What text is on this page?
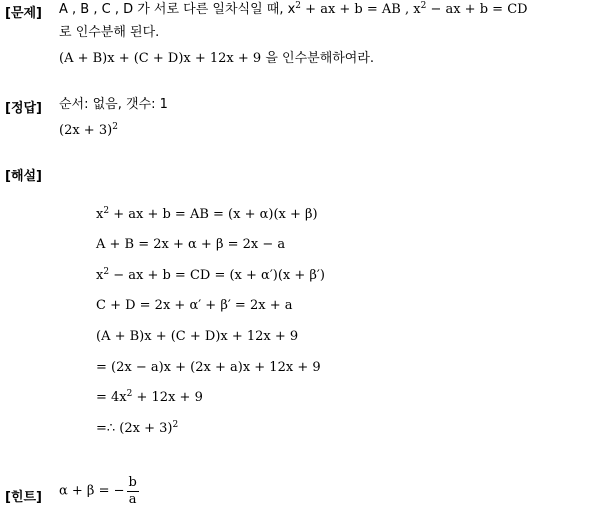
[문제] A , B , C , D 가 서로 다른 일차식일 때, $x^2$ + ax + b = AB , $x^2$ − ax + b = CD
로 인수분해 된다.
(A + B)x + (C + D)x + 12x + 9 을 인수분해하여라.
[정답] 순서: 없음, 갯수: 1
$(2x + 3)^2$
[해설]
$x^2$ + ax + b = AB = (x + α)(x + β)
A + B = 2x + α + β = 2x − a
$x^2$ − ax + b = CD = (x + α′)(x + β′)
C + D = 2x + α′ + β′ = 2x + a
(A + B)x + (C + D)x + 12x + 9
= (2x − a)x + (2x + a)x + 12x + 9
= $4x^2 + 12x + 9$
=∴ $(2x + 3)^2$
[힌트] α + β = − $\frac{b}{a}$
